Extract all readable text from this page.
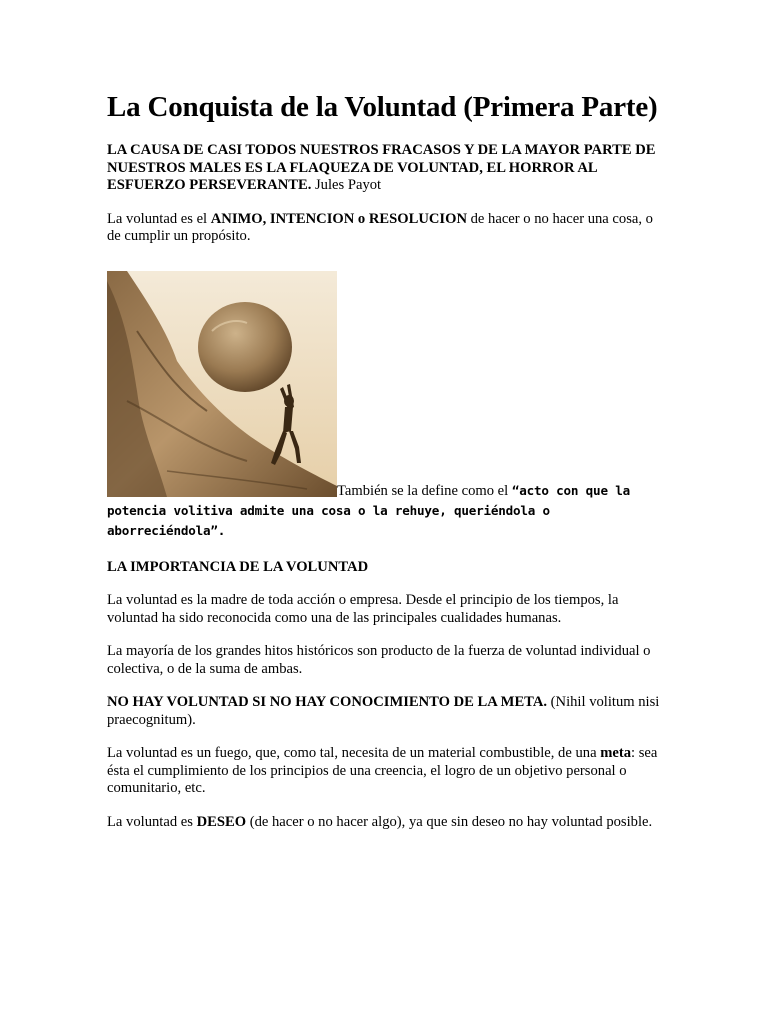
La Conquista de la Voluntad (Primera Parte)

LA CAUSA DE CASI TODOS NUESTROS FRACASOS Y DE LA MAYOR PARTE DE NUESTROS MALES ES LA FLAQUEZA DE VOLUNTAD, EL HORROR AL ESFUERZO PERSEVERANTE. Jules Payot

La voluntad es el ANIMO, INTENCION o RESOLUCION de hacer o no hacer una cosa, o de cumplir un propósito.

También se la define como el “acto con que la potencia volitiva admite una cosa o la rehuye, queriéndola o aborreciéndola”.

LA IMPORTANCIA DE LA VOLUNTAD

La voluntad es la madre de toda acción o empresa. Desde el principio de los tiempos, la voluntad ha sido reconocida como una de las principales cualidades humanas.

La mayoría de los grandes hitos históricos son producto de la fuerza de voluntad individual o colectiva, o de la suma de ambas.

NO HAY VOLUNTAD SI NO HAY CONOCIMIENTO DE LA META. (Nihil volitum nisi praecognitum).

La voluntad es un fuego, que, como tal, necesita de un material combustible, de una meta: sea ésta el cumplimiento de los principios de una creencia, el logro de un objetivo personal o comunitario, etc.

La voluntad es DESEO (de hacer o no hacer algo), ya que sin deseo no hay voluntad posible.
